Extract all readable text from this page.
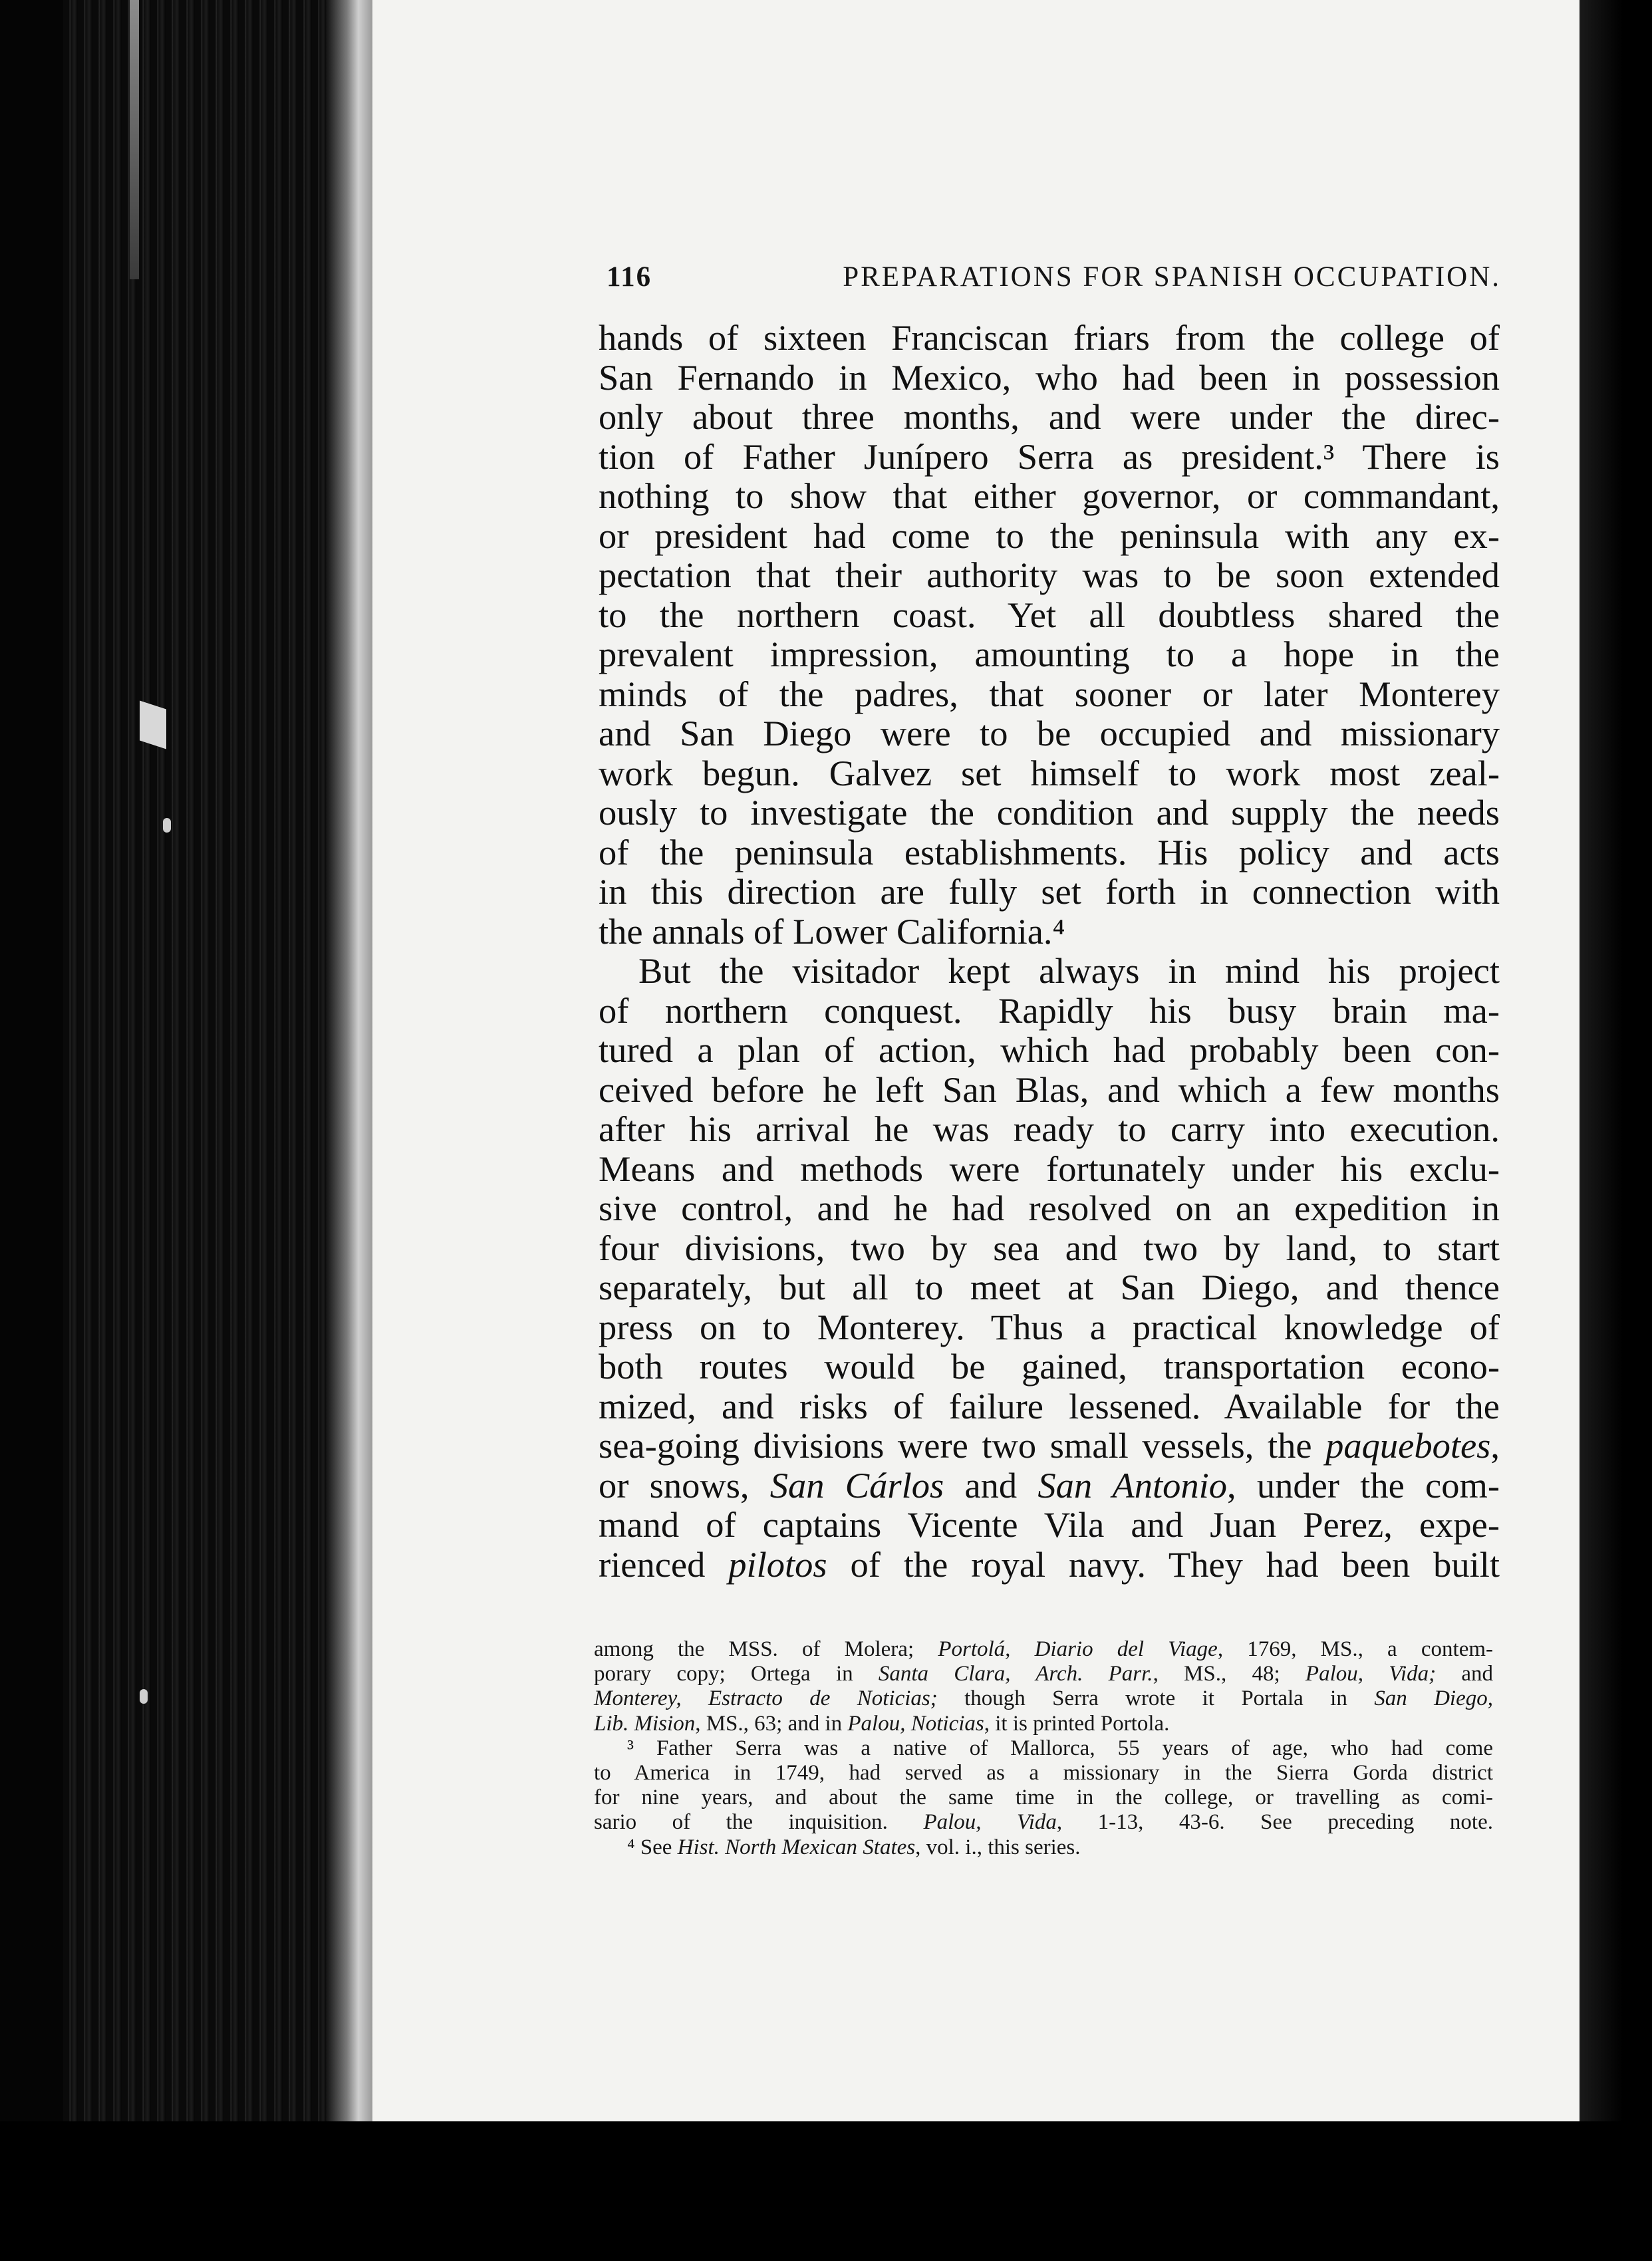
116	PREPARATIONS FOR SPANISH OCCUPATION.
hands of sixteen Franciscan friars from the college of
San Fernando in Mexico, who had been in possession
only about three months, and were under the direc-
tion of Father Junípero Serra as president.³ There is
nothing to show that either governor, or commandant,
or president had come to the peninsula with any ex-
pectation that their authority was to be soon extended
to the northern coast. Yet all doubtless shared the
prevalent impression, amounting to a hope in the
minds of the padres, that sooner or later Monterey
and San Diego were to be occupied and missionary
work begun. Galvez set himself to work most zeal-
ously to investigate the condition and supply the needs
of the peninsula establishments. His policy and acts
in this direction are fully set forth in connection with
the annals of Lower California.⁴
But the visitador kept always in mind his project
of northern conquest. Rapidly his busy brain ma-
tured a plan of action, which had probably been con-
ceived before he left San Blas, and which a few months
after his arrival he was ready to carry into execution.
Means and methods were fortunately under his exclu-
sive control, and he had resolved on an expedition in
four divisions, two by sea and two by land, to start
separately, but all to meet at San Diego, and thence
press on to Monterey. Thus a practical knowledge of
both routes would be gained, transportation econo-
mized, and risks of failure lessened. Available for the
sea-going divisions were two small vessels, the paquebotes,
or snows, San Cárlos and San Antonio, under the com-
mand of captains Vicente Vila and Juan Perez, expe-
rienced pilotos of the royal navy. They had been built
among the MSS. of Molera; Portolá, Diario del Viage, 1769, MS., a contem-
porary copy; Ortega in Santa Clara, Arch. Parr., MS., 48; Palou, Vida; and
Monterey, Estracto de Noticias; though Serra wrote it Portala in San Diego,
Lib. Mision, MS., 63; and in Palou, Noticias, it is printed Portola.
³ Father Serra was a native of Mallorca, 55 years of age, who had come
to America in 1749, had served as a missionary in the Sierra Gorda district
for nine years, and about the same time in the college, or travelling as comi-
sario of the inquisition. Palou, Vida, 1-13, 43-6. See preceding note.
⁴ See Hist. North Mexican States, vol. i., this series.
